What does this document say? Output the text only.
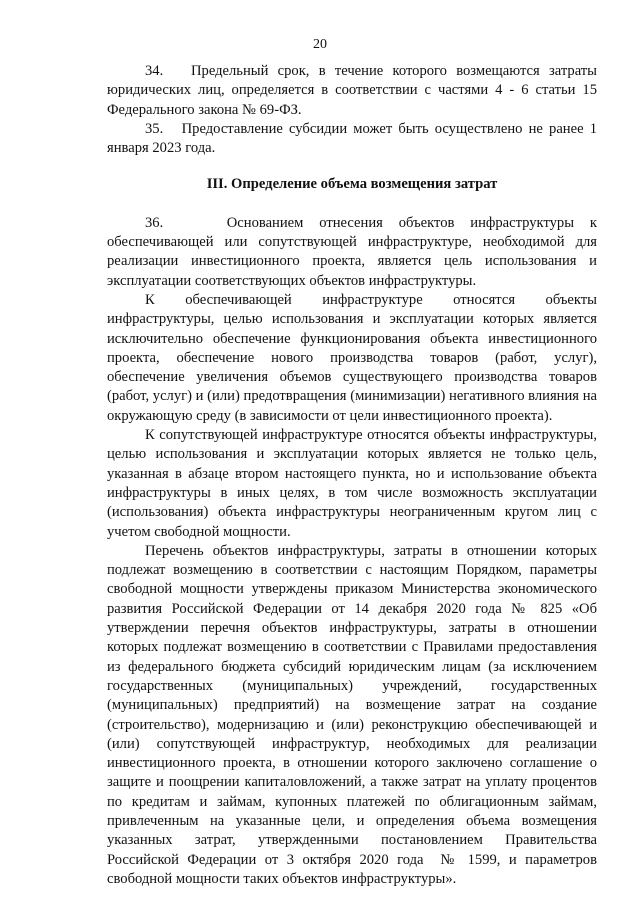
20

34.   Предельный срок, в течение которого возмещаются затраты юридических лиц, определяется в соответствии с частями 4 - 6 статьи 15 Федерального закона № 69-ФЗ.

35.   Предоставление субсидии может быть осуществлено не ранее 1 января 2023 года.

III. Определение объема возмещения затрат

36.    Основанием отнесения объектов инфраструктуры к обеспечивающей или сопутствующей инфраструктуре, необходимой для реализации инвестиционного проекта, является цель использования и эксплуатации соответствующих объектов инфраструктуры.

К обеспечивающей инфраструктуре относятся объекты инфраструктуры, целью использования и эксплуатации которых является исключительно обеспечение функционирования объекта инвестиционного проекта, обеспечение нового производства товаров (работ, услуг), обеспечение увеличения объемов существующего производства товаров (работ, услуг) и (или) предотвращения (минимизации) негативного влияния на окружающую среду (в зависимости от цели инвестиционного проекта).

К сопутствующей инфраструктуре относятся объекты инфраструктуры, целью использования и эксплуатации которых является не только цель, указанная в абзаце втором настоящего пункта, но и использование объекта инфраструктуры в иных целях, в том числе возможность эксплуатации (использования) объекта инфраструктуры неограниченным кругом лиц с учетом свободной мощности.

Перечень объектов инфраструктуры, затраты в отношении которых подлежат возмещению в соответствии с настоящим Порядком, параметры свободной мощности утверждены приказом Министерства экономического развития Российской Федерации от 14 декабря 2020 года № 825 «Об утверждении перечня объектов инфраструктуры, затраты в отношении которых подлежат возмещению в соответствии с Правилами предоставления из федерального бюджета субсидий юридическим лицам (за исключением государственных (муниципальных) учреждений, государственных (муниципальных) предприятий) на возмещение затрат на создание (строительство), модернизацию и (или) реконструкцию обеспечивающей и (или) сопутствующей инфраструктур, необходимых для реализации инвестиционного проекта, в отношении которого заключено соглашение о защите и поощрении капиталовложений, а также затрат на уплату процентов по кредитам и займам, купонных платежей по облигационным займам, привлеченным на указанные цели, и определения объема возмещения указанных затрат, утвержденными постановлением Правительства Российской Федерации от 3 октября 2020 года  № 1599, и параметров свободной мощности таких объектов инфраструктуры».
